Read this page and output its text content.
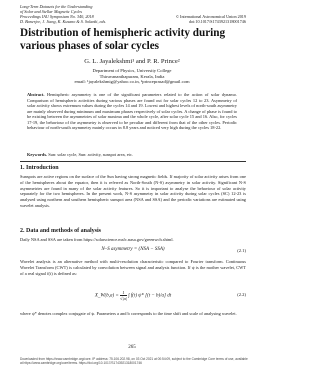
Long-Term Datasets for the Understanding
of Solar and Stellar Magnetic Cycles
Proceedings IAU Symposium No. 340, 2018
D. Banerjee, J. Jiang, K. Kusano & S. Solanki, eds.
© International Astronomical Union 2019
doi:10.1017/S1743921318001746
Distribution of hemispheric activity during various phases of solar cycles
G. L. Jayalekshmi¹ and P. R. Prince²
Department of Physics, University College
Thiruvananthapuram, Kerala, India
email: ¹jayalekshmig@yahoo.co.in, ²princeprasad@gmail.com
Abstract. Hemispheric asymmetry is one of the significant parameters related to the action of solar dynamo. Comparison of hemispheric activities during various phases are found out for solar cycles 12 to 23. Asymmetry of solar activity shows extremum values during the cycles 14 and 19. Lowest and highest levels of north-south asymmetry are mainly observed during minimum and maximum phases respectively of solar cycles. A change of phase is found to be existing between the asymmetries of solar maxima and the whole cycle, after solar cycle 15 and 16. Also, for cycles 17-19, the behaviour of the asymmetry is observed to be peculiar and different from that of the other cycles. Periodic behaviour of north-south asymmetry mainly occurs in 8.8 years and noticed very high during the cycles 18-22.
Keywords. Sun: solar cycle, Sun: activity, sunspot area, etc.
1. Introduction
Sunspots are active regions on the surface of the Sun having strong magnetic fields. If majority of solar activity arises from one of the hemispheres about the equator, then it is referred as North-South (N-S) asymmetry in solar activity. Significant N-S asymmetries are found in many of the solar activity features. So it is important to analyse the behaviour of solar activity separately for the two hemispheres. In the present work, N-S asymmetry in solar activity during solar cycles (SC) 12-23 is analysed using northern and southern hemispheric sunspot area (NSA and SSA) and the periodic variations are estimated using wavelet analysis.
2. Data and methods of analysis
Daily NSA and SSA are taken from https://solarscience.msfc.nasa.gov/greenwch.shtml.
N–S asymmetry = (NSA − SSA)	(2.1)
Wavelet analysis is an alternative method with multi-resolution characteristic compared to Fourier transform. Continuous Wavelet Transform (CWT) is calculated by convolution between signal and analysis function. If ψ is the mother wavelet, CWT of a real signal f(t) is defined as:
X_W(b,a) = $\frac{1}{√|a|}$ ∫ f(t) ψ* [(t − b)/a] dt	(2.2)
where ψ* denotes complex conjugate of ψ. Parameters a and b corresponds to the time shift and scale of analysing wavelet.
265
Downloaded from https://www.cambridge.org/core. IP address: 75.106.202.98, on 03 Oct 2021 at 00:54:09, subject to the Cambridge Core terms of use, available at https://www.cambridge.org/core/terms. https://doi.org/10.1017/S1743921318001746
